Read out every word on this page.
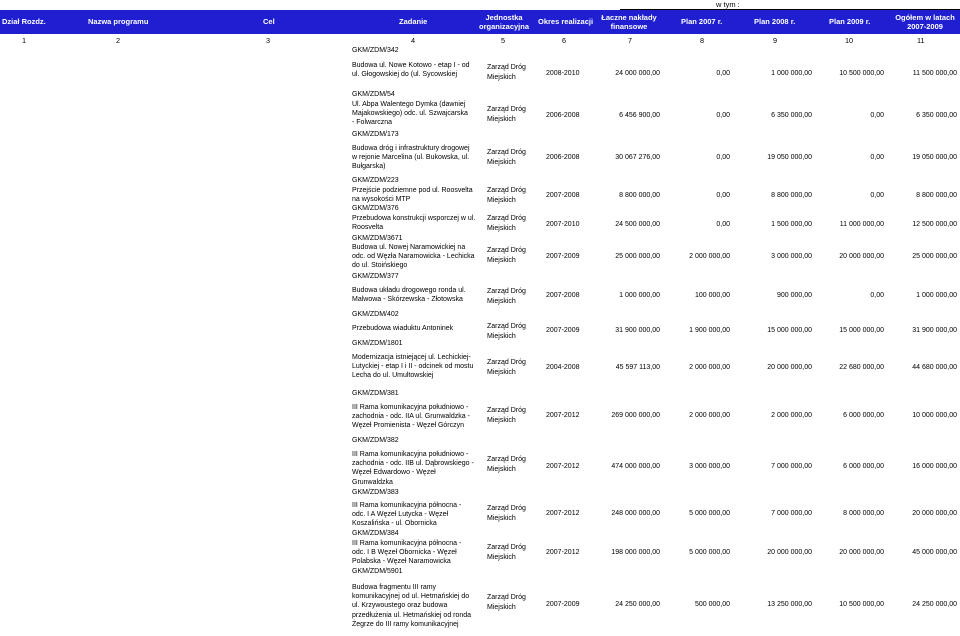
w tym :
Dział Rozdz.	Nazwa programu	Cel	Zadanie	Jednostka
organizacyjna
Okres realizacji	Łaczne nakłady
finansowe
Plan 2007 r.	Plan 2008 r.	Plan 2009 r.	Ogółem w latach
2007-2009
1	2	3	4	5	6	7	8	9	10	11
GKM/ZDM/342
Budowa ul. Nowe Kotowo - etap I - od ul. Głogowskiej do (ul. Sycowskiej
Zarząd Dróg
Miejskich
2008-2010	24 000 000,00	0,00	1 000 000,00	10 500 000,00	11 500 000,00
GKM/ZDM/54
Ul. Abpa Walentego Dymka (dawniej Majakowskiego) odc. ul. Szwajcarska - Folwarczna
Zarząd Dróg
Miejskich
2006-2008	6 456 900,00	0,00	6 350 000,00	0,00	6 350 000,00
GKM/ZDM/173
Budowa dróg i infrastruktury drogowej w rejonie Marcelina (ul. Bukowska, ul. Bułgarska)
Zarząd Dróg
Miejskich
2006-2008	30 067 276,00	0,00	19 050 000,00	0,00	19 050 000,00
GKM/ZDM/223
Przejście podziemne pod ul. Roosvelta na wysokości MTP
Zarząd Dróg
Miejskich
2007-2008	8 800 000,00	0,00	8 800 000,00	0,00	8 800 000,00
GKM/ZDM/376
Przebudowa konstrukcji wsporczej w ul. Roosvelta
Zarząd Dróg
Miejskich
2007-2010	24 500 000,00	0,00	1 500 000,00	11 000 000,00	12 500 000,00
GKM/ZDM/3671
Budowa ul. Nowej Naramowickiej na odc. od Węzła Naramowicka - Lechicka do ul. Stoińskiego
Zarząd Dróg
Miejskich
2007-2009	25 000 000,00	2 000 000,00	3 000 000,00	20 000 000,00	25 000 000,00
GKM/ZDM/377
Budowa układu drogowego ronda ul. Malwowa - Skórzewska - Złotowska
Zarząd Dróg
Miejskich
2007-2008	1 000 000,00	100 000,00	900 000,00	0,00	1 000 000,00
GKM/ZDM/402
Przebudowa wiaduktu Antoninek	Zarząd Dróg
Miejskich
2007-2009	31 900 000,00	1 900 000,00	15 000 000,00	15 000 000,00	31 900 000,00
GKM/ZDM/1801
Modernizacja istniejącej ul. Lechickiej-Lutyckiej - etap I i II - odcinek od mostu Lecha do ul. Umultowskiej
Zarząd Dróg
Miejskich
2004-2008	45 597 113,00	2 000 000,00	20 000 000,00	22 680 000,00	44 680 000,00
GKM/ZDM/381
III Rama komunikacyjna południowo - zachodnia - odc. IIA ul. Grunwaldzka - Węzeł Promienista - Węzeł Górczyn
Zarząd Dróg
Miejskich
2007-2012	269 000 000,00	2 000 000,00	2 000 000,00	6 000 000,00	10 000 000,00
GKM/ZDM/382
III Rama komunikacyjna południowo - zachodnia - odc. IIB ul. Dąbrowskiego - Węzeł Edwardowo - Węzeł Grunwaldzka
Zarząd Dróg
Miejskich	2007-2012	474 000 000,00	3 000 000,00	7 000 000,00	6 000 000,00	16 000 000,00
GKM/ZDM/383
III Rama komunikacyjna północna - odc. I A Węzeł Lutycka - Węzeł Koszalińska - ul. Obornicka
Zarząd Dróg
Miejskich
2007-2012	248 000 000,00	5 000 000,00	7 000 000,00	8 000 000,00	20 000 000,00
GKM/ZDM/384
III Rama komunikacyjna północna - odc. I B Węzeł Obornicka - Węzeł Polabska - Węzeł Naramowicka
Zarząd Dróg
Miejskich
2007-2012	198 000 000,00	5 000 000,00	20 000 000,00	20 000 000,00	45 000 000,00
GKM/ZDM/5901
Budowa fragmentu III ramy komunikacyjnej od ul. Hetmańskiej do ul. Krzywoustego oraz budowa przedłużenia ul. Hetmańskiej od ronda Żegrze do III ramy komunikacyjnej
Zarząd Dróg
Miejskich	2007-2009	24 250 000,00	500 000,00	13 250 000,00	10 500 000,00	24 250 000,00
